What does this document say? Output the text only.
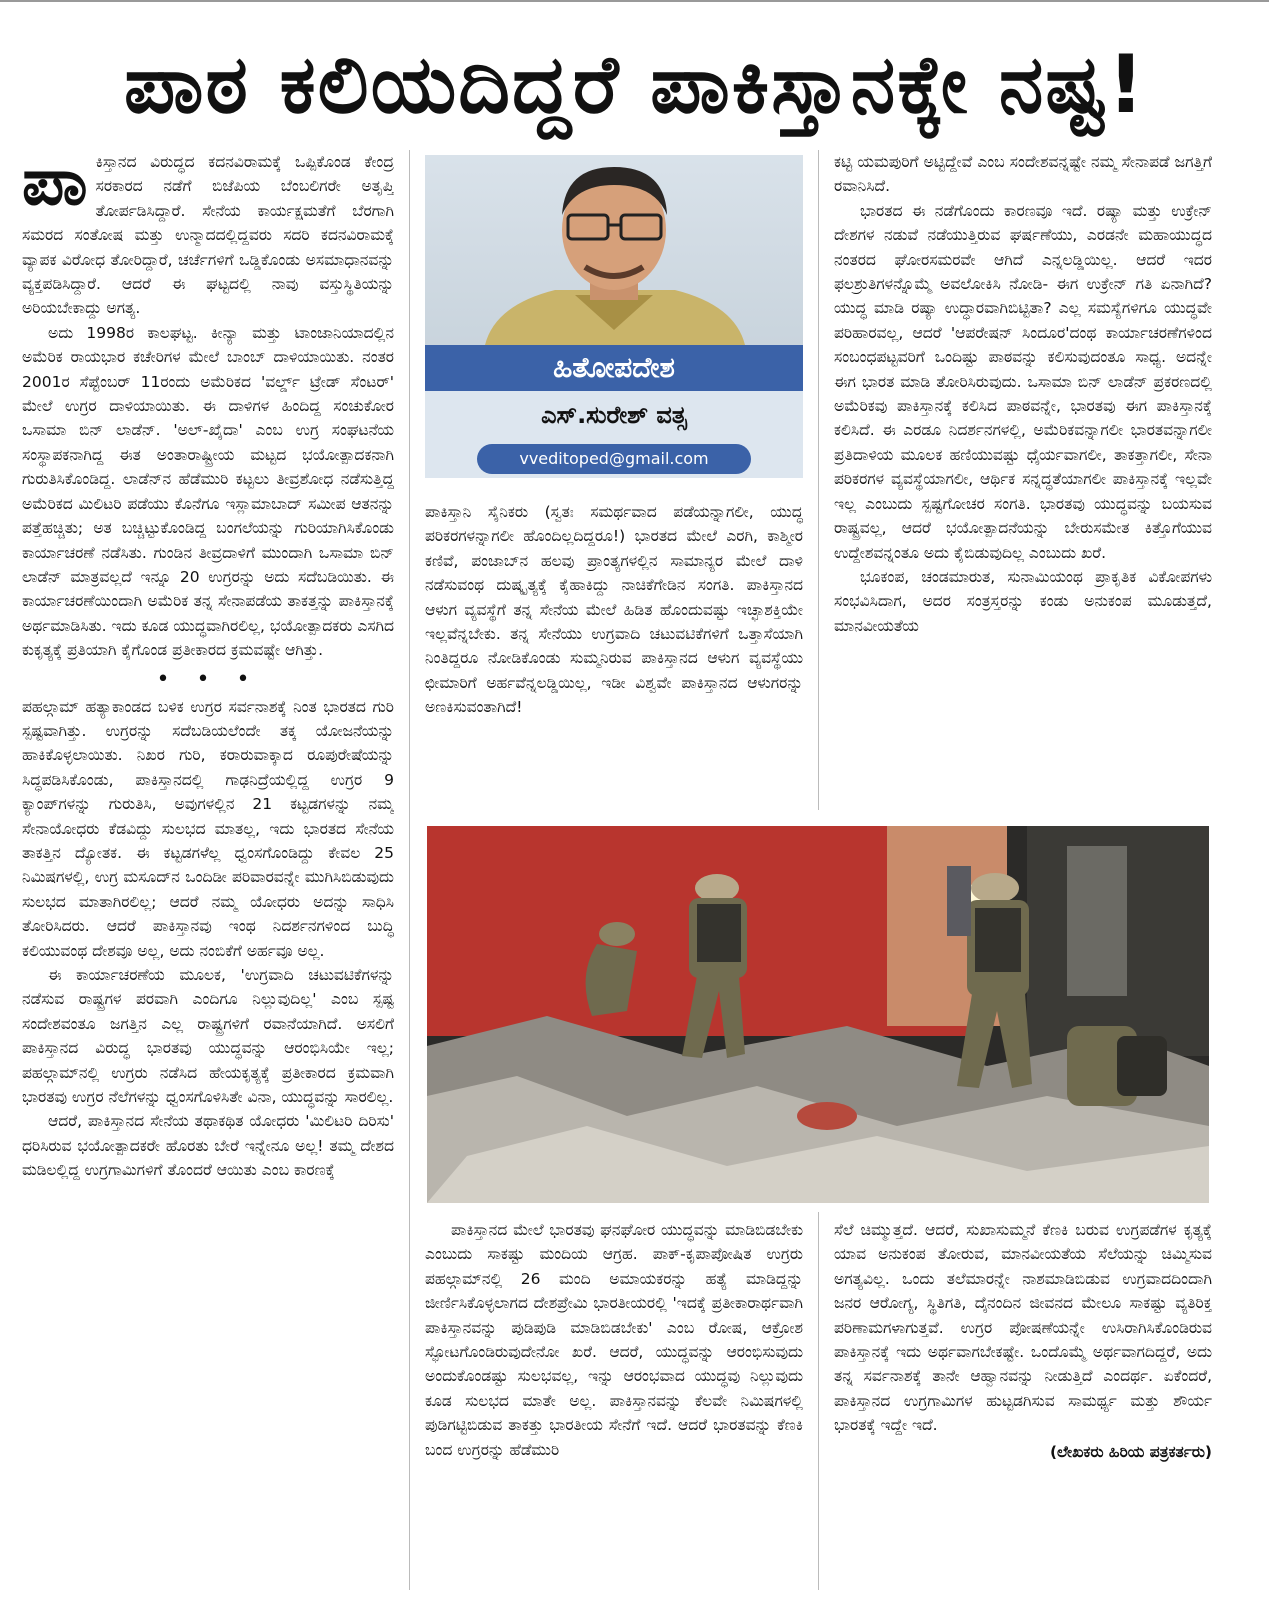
ಪಾಠ ಕಲಿಯದಿದ್ದರೆ ಪಾಕಿಸ್ತಾನಕ್ಕೇ ನಷ್ಟ!

ಪಾಕಿಸ್ತಾನದ ವಿರುದ್ಧದ ಕದನವಿರಾಮಕ್ಕೆ ಒಪ್ಪಿಕೊಂಡ ಕೇಂದ್ರ ಸರಕಾರದ ನಡೆಗೆ ಬಿಜೆಪಿಯ ಬೆಂಬಲಿಗರೇ ಅತೃಪ್ತಿ ತೋರ್ಪಡಿಸಿದ್ದಾರೆ. ಸೇನೆಯ ಕಾರ್ಯಕ್ಷಮತೆಗೆ ಬೆರಗಾಗಿ ಸಮರದ ಸಂತೋಷ ಮತ್ತು ಉನ್ಮಾದದಲ್ಲಿದ್ದವರು ಸದರಿ ಕದನವಿರಾಮಕ್ಕೆ ವ್ಯಾಪಕ ವಿರೋಧ ತೋರಿದ್ದಾರೆ, ಚರ್ಚೆಗಳಿಗೆ ಒಡ್ಡಿಕೊಂಡು ಅಸಮಾಧಾನವನ್ನು ವ್ಯಕ್ತಪಡಿಸಿದ್ದಾರೆ. ಆದರೆ ಈ ಘಟ್ಟದಲ್ಲಿ ನಾವು ವಸ್ತುಸ್ಥಿತಿಯನ್ನು ಅರಿಯಬೇಕಾದ್ದು ಅಗತ್ಯ.

ಅದು 1998ರ ಕಾಲಘಟ್ಟ. ಕೀನ್ಯಾ ಮತ್ತು ಟಾಂಜಾನಿಯಾದಲ್ಲಿನ ಅಮೆರಿಕ ರಾಯಭಾರ ಕಚೇರಿಗಳ ಮೇಲೆ ಬಾಂಬ್ ದಾಳಿಯಾಯಿತು. ನಂತರ 2001ರ ಸೆಪ್ಟೆಂಬರ್ 11ರಂದು ಅಮೆರಿಕದ 'ವರ್ಲ್ಡ್ ಟ್ರೇಡ್ ಸೆಂಟರ್' ಮೇಲೆ ಉಗ್ರರ ದಾಳಿಯಾಯಿತು. ಈ ದಾಳಿಗಳ ಹಿಂದಿದ್ದ ಸಂಚುಕೋರ ಒಸಾಮಾ ಬಿನ್ ಲಾಡೆನ್. 'ಅಲ್-ಖೈದಾ' ಎಂಬ ಉಗ್ರ ಸಂಘಟನೆಯ ಸಂಸ್ಥಾಪಕನಾಗಿದ್ದ ಈತ ಅಂತಾರಾಷ್ಟ್ರೀಯ ಮಟ್ಟದ ಭಯೋತ್ಪಾದಕನಾಗಿ ಗುರುತಿಸಿಕೊಂಡಿದ್ದ. ಲಾಡೆನ್‌ನ ಹೆಡೆಮುರಿ ಕಟ್ಟಲು ತೀವ್ರಶೋಧ ನಡೆಸುತ್ತಿದ್ದ ಅಮೆರಿಕದ ಮಿಲಿಟರಿ ಪಡೆಯು ಕೊನೆಗೂ ಇಸ್ಲಾಮಾಬಾದ್ ಸಮೀಪ ಆತನನ್ನು ಪತ್ತೆಹಚ್ಚಿತು; ಅತ ಬಚ್ಚಿಟ್ಟುಕೊಂಡಿದ್ದ ಬಂಗಲೆಯನ್ನು ಗುರಿಯಾಗಿಸಿಕೊಂಡು ಕಾರ್ಯಾಚರಣೆ ನಡೆಸಿತು. ಗುಂಡಿನ ತೀವ್ರದಾಳಿಗೆ ಮುಂದಾಗಿ ಒಸಾಮಾ ಬಿನ್ ಲಾಡೆನ್ ಮಾತ್ರವಲ್ಲದೆ ಇನ್ನೂ 20 ಉಗ್ರರನ್ನು ಅದು ಸದೆಬಡಿಯಿತು. ಈ ಕಾರ್ಯಾಚರಣೆಯಿಂದಾಗಿ ಅಮೆರಿಕ ತನ್ನ ಸೇನಾಪಡೆಯ ತಾಕತ್ತನ್ನು ಪಾಕಿಸ್ತಾನಕ್ಕೆ ಅರ್ಥಮಾಡಿಸಿತು. ಇದು ಕೂಡ ಯುದ್ಧವಾಗಿರಲಿಲ್ಲ, ಭಯೋತ್ಪಾದಕರು ಎಸಗಿದ ಕುಕೃತ್ಯಕ್ಕೆ ಪ್ರತಿಯಾಗಿ ಕೈಗೊಂಡ ಪ್ರತೀಕಾರದ ಕ್ರಮವಷ್ಟೇ ಆಗಿತ್ತು.

• • •

ಪಹಲ್ಗಾಮ್ ಹತ್ಯಾಕಾಂಡದ ಬಳಿಕ ಉಗ್ರರ ಸರ್ವನಾಶಕ್ಕೆ ನಿಂತ ಭಾರತದ ಗುರಿ ಸ್ಪಷ್ಟವಾಗಿತ್ತು. ಉಗ್ರರನ್ನು ಸದೆಬಡಿಯಲೆಂದೇ ತಕ್ಕ ಯೋಜನೆಯನ್ನು ಹಾಕಿಕೊಳ್ಳಲಾಯಿತು. ನಿಖರ ಗುರಿ, ಕರಾರುವಾಕ್ಕಾದ ರೂಪುರೇಷೆಯನ್ನು ಸಿದ್ಧಪಡಿಸಿಕೊಂಡು, ಪಾಕಿಸ್ತಾನದಲ್ಲಿ ಗಾಢನಿದ್ರೆಯಲ್ಲಿದ್ದ ಉಗ್ರರ 9 ಕ್ಯಾಂಪ್‌ಗಳನ್ನು ಗುರುತಿಸಿ, ಅವುಗಳಲ್ಲಿನ 21 ಕಟ್ಟಡಗಳನ್ನು ನಮ್ಮ ಸೇನಾಯೋಧರು ಕೆಡವಿದ್ದು ಸುಲಭದ ಮಾತಲ್ಲ, ಇದು ಭಾರತದ ಸೇನೆಯ ತಾಕತ್ತಿನ ದ್ಯೋತಕ. ಈ ಕಟ್ಟಡಗಳೆಲ್ಲ ಧ್ವಂಸಗೊಂಡಿದ್ದು ಕೇವಲ 25 ನಿಮಿಷಗಳಲ್ಲಿ, ಉಗ್ರ ಮಸೂದ್‌ನ ಒಂದಿಡೀ ಪರಿವಾರವನ್ನೇ ಮುಗಿಸಿಬಿಡುವುದು ಸುಲಭದ ಮಾತಾಗಿರಲಿಲ್ಲ; ಆದರೆ ನಮ್ಮ ಯೋಧರು ಅದನ್ನು ಸಾಧಿಸಿ ತೋರಿಸಿದರು. ಆದರೆ ಪಾಕಿಸ್ತಾನವು ಇಂಥ ನಿದರ್ಶನಗಳಿಂದ ಬುದ್ಧಿ ಕಲಿಯುವಂಥ ದೇಶವೂ ಅಲ್ಲ, ಅದು ನಂಬಿಕೆಗೆ ಅರ್ಹವೂ ಅಲ್ಲ.

ಈ ಕಾರ್ಯಾಚರಣೆಯ ಮೂಲಕ, 'ಉಗ್ರವಾದಿ ಚಟುವಟಿಕೆಗಳನ್ನು ನಡೆಸುವ ರಾಷ್ಟ್ರಗಳ ಪರವಾಗಿ ಎಂದಿಗೂ ನಿಲ್ಲುವುದಿಲ್ಲ' ಎಂಬ ಸ್ಪಷ್ಟ ಸಂದೇಶವಂತೂ ಜಗತ್ತಿನ ಎಲ್ಲ ರಾಷ್ಟ್ರಗಳಿಗೆ ರವಾನೆಯಾಗಿದೆ. ಅಸಲಿಗೆ ಪಾಕಿಸ್ತಾನದ ವಿರುದ್ಧ ಭಾರತವು ಯುದ್ಧವನ್ನು ಆರಂಭಿಸಿಯೇ ಇಲ್ಲ; ಪಹಲ್ಗಾಮ್‌ನಲ್ಲಿ ಉಗ್ರರು ನಡೆಸಿದ ಹೇಯಕೃತ್ಯಕ್ಕೆ ಪ್ರತೀಕಾರದ ಕ್ರಮವಾಗಿ ಭಾರತವು ಉಗ್ರರ ನೆಲೆಗಳನ್ನು ಧ್ವಂಸಗೊಳಿಸಿತೇ ವಿನಾ, ಯುದ್ಧವನ್ನು ಸಾರಲಿಲ್ಲ.

ಆದರೆ, ಪಾಕಿಸ್ತಾನದ ಸೇನೆಯ ತಥಾಕಥಿತ ಯೋಧರು 'ಮಿಲಿಟರಿ ದಿರಿಸು' ಧರಿಸಿರುವ ಭಯೋತ್ಪಾದಕರೇ ಹೊರತು ಬೇರೆ ಇನ್ನೇನೂ ಅಲ್ಲ! ತಮ್ಮ ದೇಶದ ಮಡಿಲಲ್ಲಿದ್ದ ಉಗ್ರಗಾಮಿಗಳಿಗೆ ತೊಂದರೆ ಆಯಿತು ಎಂಬ ಕಾರಣಕ್ಕೆ

ಹಿತೋಪದೇಶ
ಎಸ್.ಸುರೇಶ್ ವತ್ಸ
vveditoped@gmail.com

ಪಾಕಿಸ್ತಾನಿ ಸೈನಿಕರು (ಸ್ವತಃ ಸಮರ್ಥವಾದ ಪಡೆಯನ್ನಾಗಲೀ, ಯುದ್ಧ ಪರಿಕರಗಳನ್ನಾಗಲೀ ಹೊಂದಿಲ್ಲದಿದ್ದರೂ!) ಭಾರತದ ಮೇಲೆ ಎರಗಿ, ಕಾಶ್ಮೀರ ಕಣಿವೆ, ಪಂಜಾಬ್‌ನ ಹಲವು ಪ್ರಾಂತ್ಯಗಳಲ್ಲಿನ ಸಾಮಾನ್ಯರ ಮೇಲೆ ದಾಳಿ ನಡೆಸುವಂಥ ದುಷ್ಕೃತ್ಯಕ್ಕೆ ಕೈಹಾಕಿದ್ದು ನಾಚಿಕೆಗೇಡಿನ ಸಂಗತಿ. ಪಾಕಿಸ್ತಾನದ ಆಳುಗ ವ್ಯವಸ್ಥೆಗೆ ತನ್ನ ಸೇನೆಯ ಮೇಲೆ ಹಿಡಿತ ಹೊಂದುವಷ್ಟು ಇಚ್ಛಾಶಕ್ತಿಯೇ ಇಲ್ಲವೆನ್ನಬೇಕು. ತನ್ನ ಸೇನೆಯು ಉಗ್ರವಾದಿ ಚಟುವಟಿಕೆಗಳಿಗೆ ಒತ್ತಾಸೆಯಾಗಿ ನಿಂತಿದ್ದರೂ ನೋಡಿಕೊಂಡು ಸುಮ್ಮನಿರುವ ಪಾಕಿಸ್ತಾನದ ಆಳುಗ ವ್ಯವಸ್ಥೆಯು ಛೀಮಾರಿಗೆ ಅರ್ಹವೆನ್ನಲಡ್ಡಿಯಿಲ್ಲ, ಇಡೀ ವಿಶ್ವವೇ ಪಾಕಿಸ್ತಾನದ ಆಳುಗರನ್ನು ಅಣಕಿಸುವಂತಾಗಿದೆ!

ಕಟ್ಟಿ ಯಮಪುರಿಗೆ ಅಟ್ಟಿದ್ದೇವೆ ಎಂಬ ಸಂದೇಶವನ್ನಷ್ಟೇ ನಮ್ಮ ಸೇನಾಪಡೆ ಜಗತ್ತಿಗೆ ರವಾನಿಸಿದೆ.

ಭಾರತದ ಈ ನಡೆಗೊಂದು ಕಾರಣವೂ ಇದೆ. ರಷ್ಯಾ ಮತ್ತು ಉಕ್ರೇನ್ ದೇಶಗಳ ನಡುವೆ ನಡೆಯುತ್ತಿರುವ ಘರ್ಷಣೆಯು, ಎರಡನೇ ಮಹಾಯುದ್ಧದ ನಂತರದ ಘೋರಸಮರವೇ ಆಗಿದೆ ಎನ್ನಲಡ್ಡಿಯಿಲ್ಲ. ಆದರೆ ಇದರ ಫಲಶ್ರುತಿಗಳನ್ನೊಮ್ಮೆ ಅವಲೋಕಿಸಿ ನೋಡಿ- ಈಗ ಉಕ್ರೇನ್ ಗತಿ ಏನಾಗಿದೆ? ಯುದ್ಧ ಮಾಡಿ ರಷ್ಯಾ ಉದ್ಧಾರವಾಗಿಬಿಟ್ಟಿತಾ? ಎಲ್ಲ ಸಮಸ್ಯೆಗಳಿಗೂ ಯುದ್ಧವೇ ಪರಿಹಾರವಲ್ಲ, ಆದರೆ 'ಆಪರೇಷನ್ ಸಿಂದೂರ'ದಂಥ ಕಾರ್ಯಾಚರಣೆಗಳಿಂದ ಸಂಬಂಧಪಟ್ಟವರಿಗೆ ಒಂದಿಷ್ಟು ಪಾಠವನ್ನು ಕಲಿಸುವುದಂತೂ ಸಾಧ್ಯ. ಅದನ್ನೇ ಈಗ ಭಾರತ ಮಾಡಿ ತೋರಿಸಿರುವುದು. ಒಸಾಮಾ ಬಿನ್ ಲಾಡೆನ್ ಪ್ರಕರಣದಲ್ಲಿ ಅಮೆರಿಕವು ಪಾಕಿಸ್ತಾನಕ್ಕೆ ಕಲಿಸಿದ ಪಾಠವನ್ನೇ, ಭಾರತವು ಈಗ ಪಾಕಿಸ್ತಾನಕ್ಕೆ ಕಲಿಸಿದೆ. ಈ ಎರಡೂ ನಿದರ್ಶನಗಳಲ್ಲಿ, ಅಮೆರಿಕವನ್ನಾಗಲೀ ಭಾರತವನ್ನಾಗಲೀ ಪ್ರತಿದಾಳಿಯ ಮೂಲಕ ಹಣಿಯುವಷ್ಟು ಧೈರ್ಯವಾಗಲೀ, ತಾಕತ್ತಾಗಲೀ, ಸೇನಾ ಪರಿಕರಗಳ ವ್ಯವಸ್ಥೆಯಾಗಲೀ, ಆರ್ಥಿಕ ಸನ್ನದ್ಧತೆಯಾಗಲೀ ಪಾಕಿಸ್ತಾನಕ್ಕೆ ಇಲ್ಲವೇ ಇಲ್ಲ ಎಂಬುದು ಸ್ಪಷ್ಟಗೋಚರ ಸಂಗತಿ. ಭಾರತವು ಯುದ್ಧವನ್ನು ಬಯಸುವ ರಾಷ್ಟ್ರವಲ್ಲ, ಆದರೆ ಭಯೋತ್ಪಾದನೆಯನ್ನು ಬೇರುಸಮೇತ ಕಿತ್ತೊಗೆಯುವ ಉದ್ದೇಶವನ್ನಂತೂ ಅದು ಕೈಬಿಡುವುದಿಲ್ಲ ಎಂಬುದು ಖರೆ.

ಭೂಕಂಪ, ಚಂಡಮಾರುತ, ಸುನಾಮಿಯಂಥ ಪ್ರಾಕೃತಿಕ ವಿಕೋಪಗಳು ಸಂಭವಿಸಿದಾಗ, ಅದರ ಸಂತ್ರಸ್ತರನ್ನು ಕಂಡು ಅನುಕಂಪ ಮೂಡುತ್ತದೆ, ಮಾನವೀಯತೆಯ

ಪಾಕಿಸ್ತಾನದ ಮೇಲೆ ಭಾರತವು ಘನಘೋರ ಯುದ್ಧವನ್ನು ಮಾಡಿಬಿಡಬೇಕು ಎಂಬುದು ಸಾಕಷ್ಟು ಮಂದಿಯ ಆಗ್ರಹ. ಪಾಕ್-ಕೃಪಾಪೋಷಿತ ಉಗ್ರರು ಪಹಲ್ಗಾಮ್‌ನಲ್ಲಿ 26 ಮಂದಿ ಅಮಾಯಕರನ್ನು ಹತ್ಯೆ ಮಾಡಿದ್ದನ್ನು ಜೀರ್ಣಿಸಿಕೊಳ್ಳಲಾಗದ ದೇಶಪ್ರೇಮಿ ಭಾರತೀಯರಲ್ಲಿ 'ಇದಕ್ಕೆ ಪ್ರತೀಕಾರಾರ್ಥವಾಗಿ ಪಾಕಿಸ್ತಾನವನ್ನು ಪುಡಿಪುಡಿ ಮಾಡಿಬಿಡಬೇಕು' ಎಂಬ ರೋಷ, ಆಕ್ರೋಶ ಸ್ಫೋಟಗೊಂಡಿರುವುದೇನೋ ಖರೆ. ಆದರೆ, ಯುದ್ಧವನ್ನು ಆರಂಭಿಸುವುದು ಅಂದುಕೊಂಡಷ್ಟು ಸುಲಭವಲ್ಲ, ಇನ್ನು ಆರಂಭವಾದ ಯುದ್ಧವು ನಿಲ್ಲುವುದು ಕೂಡ ಸುಲಭದ ಮಾತೇ ಅಲ್ಲ. ಪಾಕಿಸ್ತಾನವನ್ನು ಕೆಲವೇ ನಿಮಿಷಗಳಲ್ಲಿ ಪುಡಿಗಟ್ಟಿಬಿಡುವ ತಾಕತ್ತು ಭಾರತೀಯ ಸೇನೆಗೆ ಇದೆ. ಆದರೆ ಭಾರತವನ್ನು ಕೆಣಕಿ ಬಂದ ಉಗ್ರರನ್ನು ಹೆಡೆಮುರಿ

ಸೆಲೆ ಚಿಮ್ಮುತ್ತದೆ. ಆದರೆ, ಸುಖಾಸುಮ್ಮನೆ ಕೆಣಕಿ ಬರುವ ಉಗ್ರಪಡೆಗಳ ಕೃತ್ಯಕ್ಕೆ ಯಾವ ಅನುಕಂಪ ತೋರುವ, ಮಾನವೀಯತೆಯ ಸೆಲೆಯನ್ನು ಚಿಮ್ಮಿಸುವ ಅಗತ್ಯವಿಲ್ಲ. ಒಂದು ತಲೆಮಾರನ್ನೇ ನಾಶಮಾಡಿಬಿಡುವ ಉಗ್ರವಾದದಿಂದಾಗಿ ಜನರ ಆರೋಗ್ಯ, ಸ್ಥಿತಿಗತಿ, ದೈನಂದಿನ ಜೀವನದ ಮೇಲೂ ಸಾಕಷ್ಟು ವ್ಯತಿರಿಕ್ತ ಪರಿಣಾಮಗಳಾಗುತ್ತವೆ. ಉಗ್ರರ ಪೋಷಣೆಯನ್ನೇ ಉಸಿರಾಗಿಸಿಕೊಂಡಿರುವ ಪಾಕಿಸ್ತಾನಕ್ಕೆ ಇದು ಅರ್ಥವಾಗಬೇಕಷ್ಟೇ. ಒಂದೊಮ್ಮೆ ಅರ್ಥವಾಗದಿದ್ದರೆ, ಅದು ತನ್ನ ಸರ್ವನಾಶಕ್ಕೆ ತಾನೇ ಆಹ್ವಾನವನ್ನು ನೀಡುತ್ತಿದೆ ಎಂದರ್ಥ. ಏಕೆಂದರೆ, ಪಾಕಿಸ್ತಾನದ ಉಗ್ರಗಾಮಿಗಳ ಹುಟ್ಟಡಗಿಸುವ ಸಾಮರ್ಥ್ಯ ಮತ್ತು ಶೌರ್ಯ ಭಾರತಕ್ಕೆ ಇದ್ದೇ ಇದೆ.

(ಲೇಖಕರು ಹಿರಿಯ ಪತ್ರಕರ್ತರು)
